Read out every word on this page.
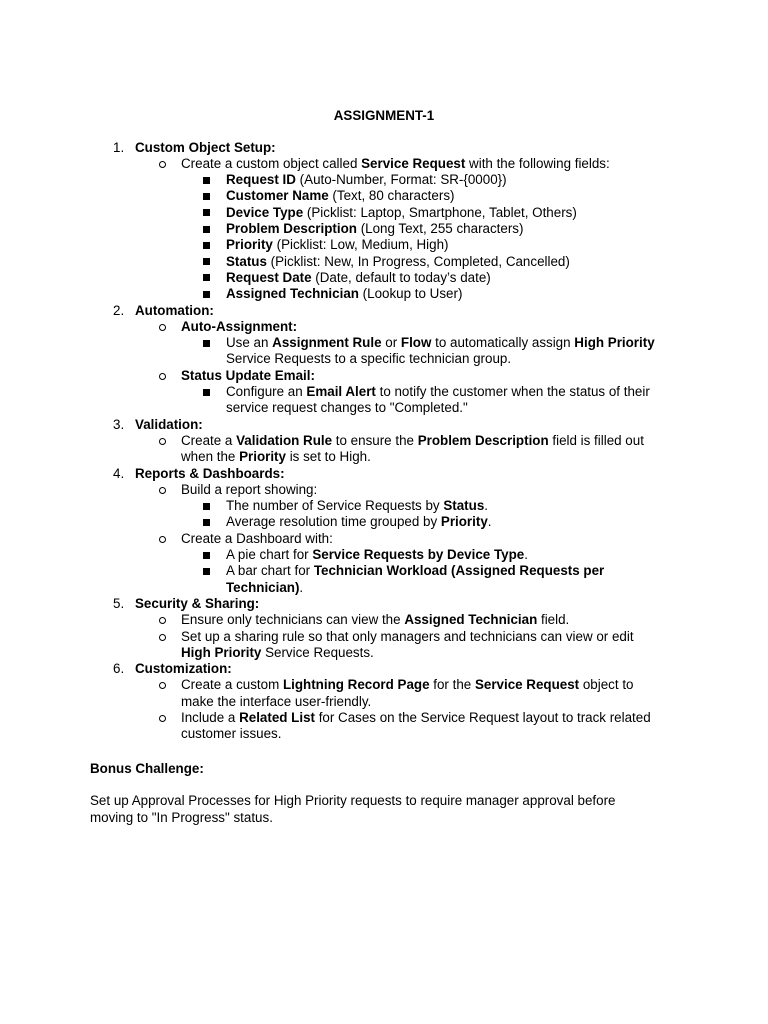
ASSIGNMENT-1
1. Custom Object Setup:
Create a custom object called Service Request with the following fields:
Request ID (Auto-Number, Format: SR-{0000})
Customer Name (Text, 80 characters)
Device Type (Picklist: Laptop, Smartphone, Tablet, Others)
Problem Description (Long Text, 255 characters)
Priority (Picklist: Low, Medium, High)
Status (Picklist: New, In Progress, Completed, Cancelled)
Request Date (Date, default to today’s date)
Assigned Technician (Lookup to User)
2. Automation:
Auto-Assignment:
Use an Assignment Rule or Flow to automatically assign High Priority
Service Requests to a specific technician group.
Status Update Email:
Configure an Email Alert to notify the customer when the status of their
service request changes to "Completed."
3. Validation:
Create a Validation Rule to ensure the Problem Description field is filled out
when the Priority is set to High.
4. Reports & Dashboards:
Build a report showing:
The number of Service Requests by Status.
Average resolution time grouped by Priority.
Create a Dashboard with:
A pie chart for Service Requests by Device Type.
A bar chart for Technician Workload (Assigned Requests per
Technician).
5. Security & Sharing:
Ensure only technicians can view the Assigned Technician field.
Set up a sharing rule so that only managers and technicians can view or edit
High Priority Service Requests.
6. Customization:
Create a custom Lightning Record Page for the Service Request object to
make the interface user-friendly.
Include a Related List for Cases on the Service Request layout to track related
customer issues.
Bonus Challenge:
Set up Approval Processes for High Priority requests to require manager approval before
moving to "In Progress" status.
